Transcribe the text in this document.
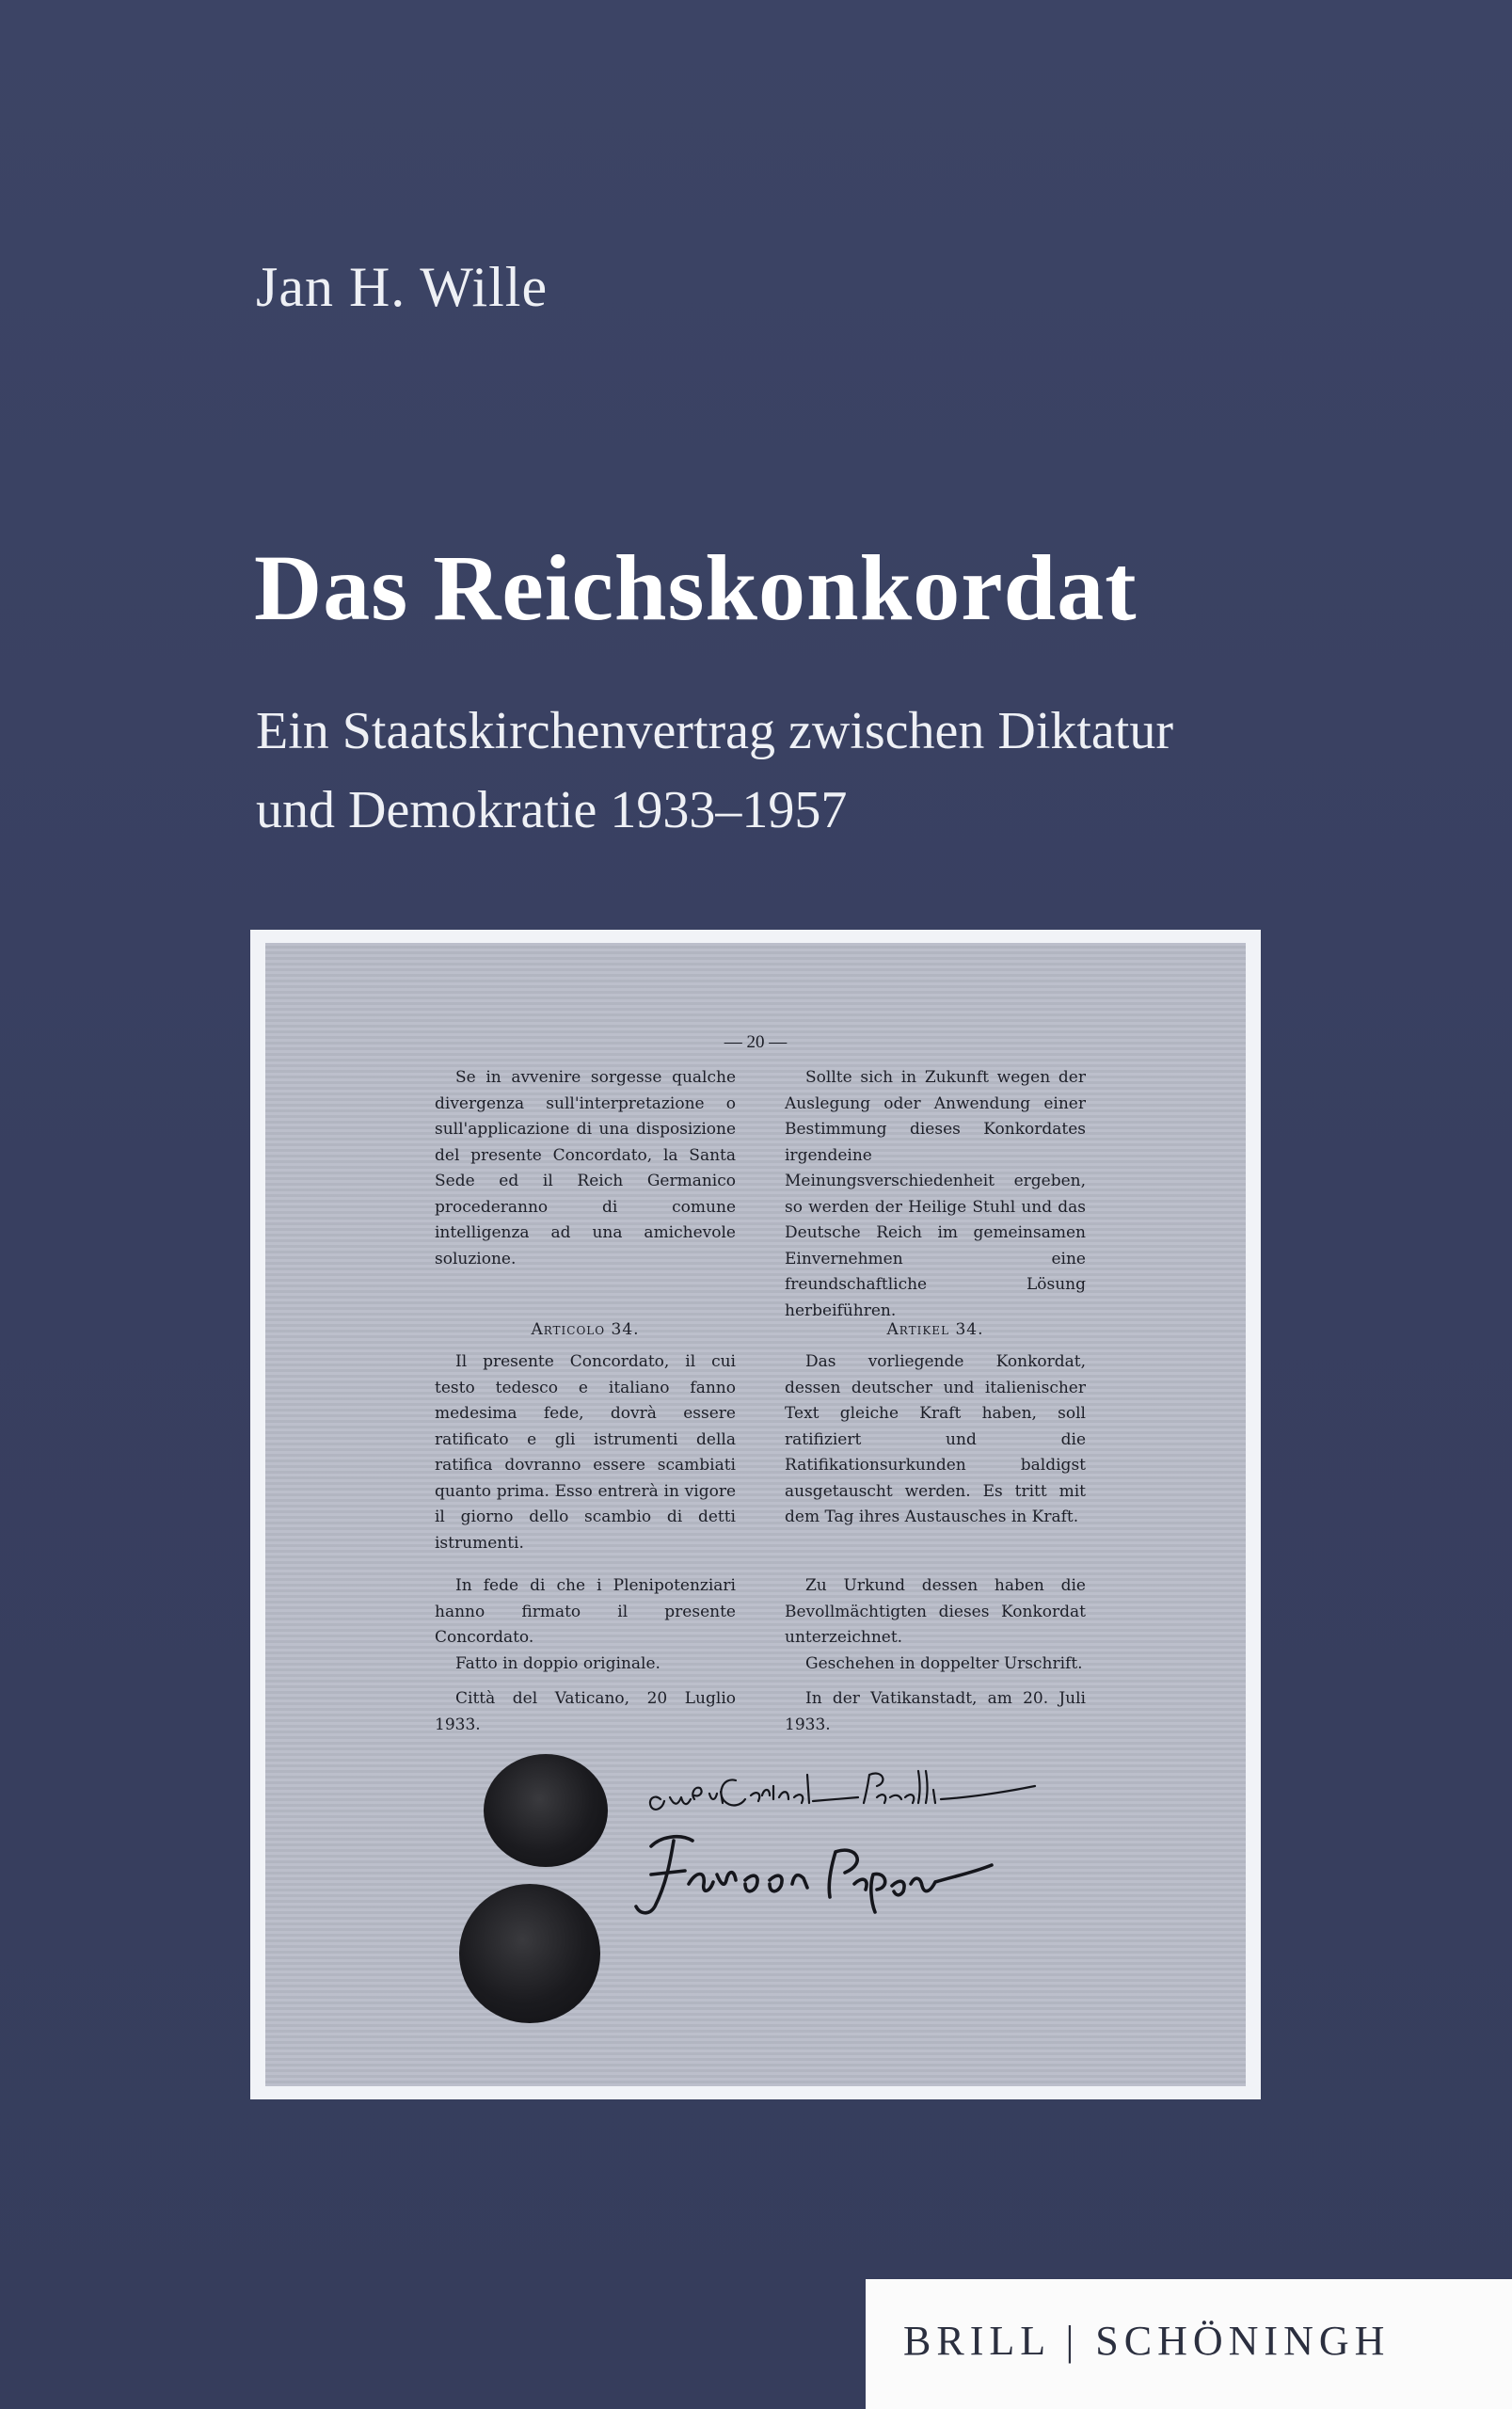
Jan H. Wille
Das Reichskonkordat
Ein Staatskirchenvertrag zwischen Diktatur
und Demokratie 1933–1957
— 20 —

Se in avvenire sorgesse qualche divergenza sull'interpretazione o sull'applicazione di una disposizione del presente Concordato, la Santa Sede ed il Reich Germanico procederanno di comune intelligenza ad una amichevole soluzione.

Articolo 34.

Il presente Concordato, il cui testo tedesco e italiano fanno medesima fede, dovrà essere ratificato e gli istrumenti della ratifica dovranno essere scambiati quanto prima. Esso entrerà in vigore il giorno dello scambio di detti istrumenti.

In fede di che i Plenipotenziari hanno firmato il presente Concordato.

Fatto in doppio originale.

Città del Vaticano, 20 Luglio 1933.

Sollte sich in Zukunft wegen der Auslegung oder Anwendung einer Bestimmung dieses Konkordates irgendeine Meinungsverschiedenheit ergeben, so werden der Heilige Stuhl und das Deutsche Reich im gemeinsamen Einvernehmen eine freundschaftliche Lösung herbeiführen.

Artikel 34.

Das vorliegende Konkordat, dessen deutscher und italienischer Text gleiche Kraft haben, soll ratifiziert und die Ratifikationsurkunden baldigst ausgetauscht werden. Es tritt mit dem Tag ihres Austausches in Kraft.

Zu Urkund dessen haben die Bevollmächtigten dieses Konkordat unterzeichnet.

Geschehen in doppelter Urschrift.

In der Vatikanstadt, am 20. Juli 1933.

BRILL | SCHÖNINGH
